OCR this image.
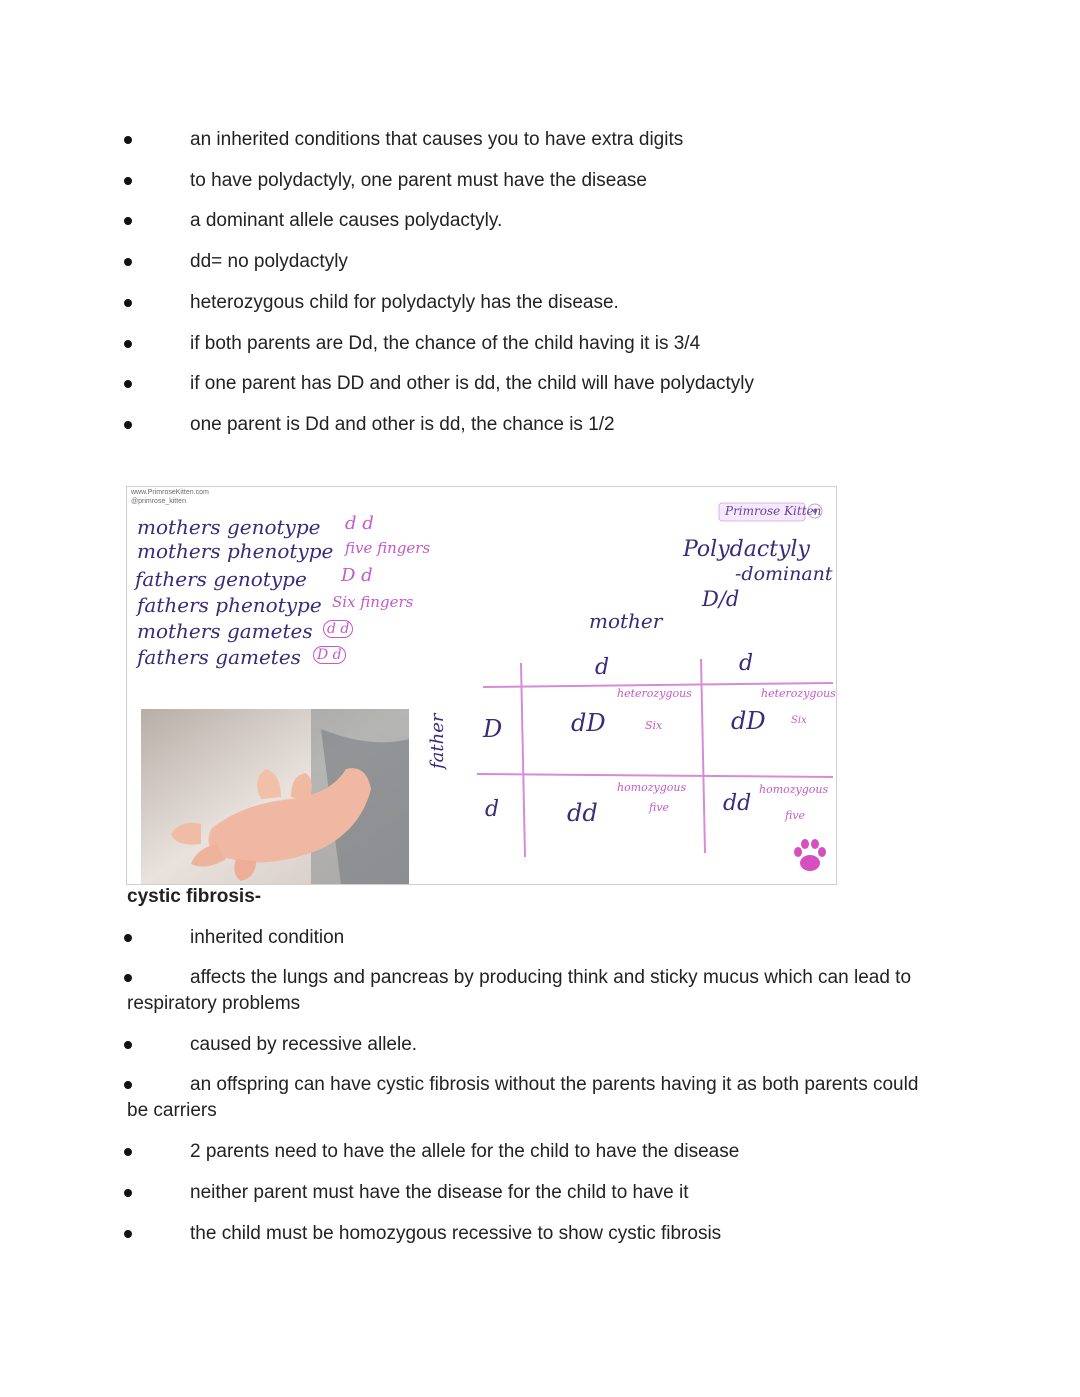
an inherited conditions that causes you to have extra digits
to have polydactyly, one parent must have the disease
a dominant allele causes polydactyly.
dd= no polydactyly
heterozygous child for polydactyly has the disease.
if both parents are Dd, the chance of the child having it is 3/4
if one parent has DD and other is dd, the child will have polydactyly
one parent is Dd and other is dd, the chance is 1/2
www.PrimroseKitten.com
@primrose_kitten
mothers genotype d d
mothers phenotype five fingers
fathers genotype D d
fathers phenotype Six fingers
mothers gametes d d
fathers gametes D d
Primrose Kitten
Polydactyly
-dominant
D/d
mother
father
d	d
D
d
dD
heterozygous
Six	dD
heterozygous
Six
dd
homozygous
five dd
homozygous
five
cystic fibrosis-
inherited condition
affects the lungs and pancreas by producing think and sticky mucus which can lead to
respiratory problems
caused by recessive allele.
an offspring can have cystic fibrosis without the parents having it as both parents could
be carriers
2 parents need to have the allele for the child to have the disease
neither parent must have the disease for the child to have it
the child must be homozygous recessive to show cystic fibrosis
